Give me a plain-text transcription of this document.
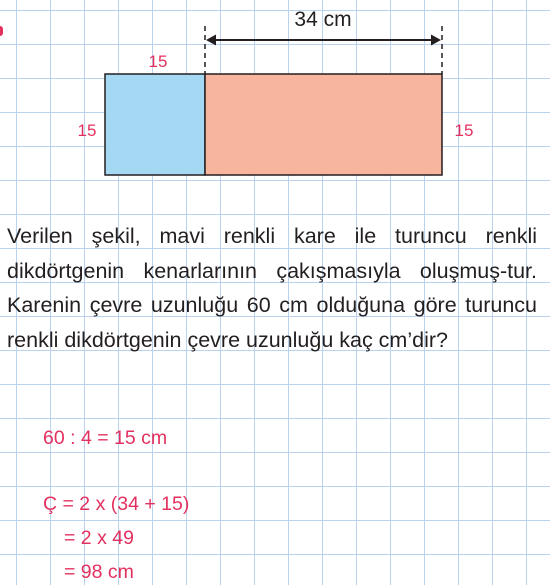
34 cm
15
15	15

Verilen şekil, mavi renkli kare ile turuncu renkli dikdörtgenin kenarlarının çakışmasıyla oluşmuş-tur. Karenin çevre uzunluğu 60 cm olduğuna göre turuncu renkli dikdörtgenin çevre uzunluğu kaç cm’dir?

60 : 4 = 15 cm
Ç = 2 x (34 + 15)
= 2 x 49
= 98 cm
